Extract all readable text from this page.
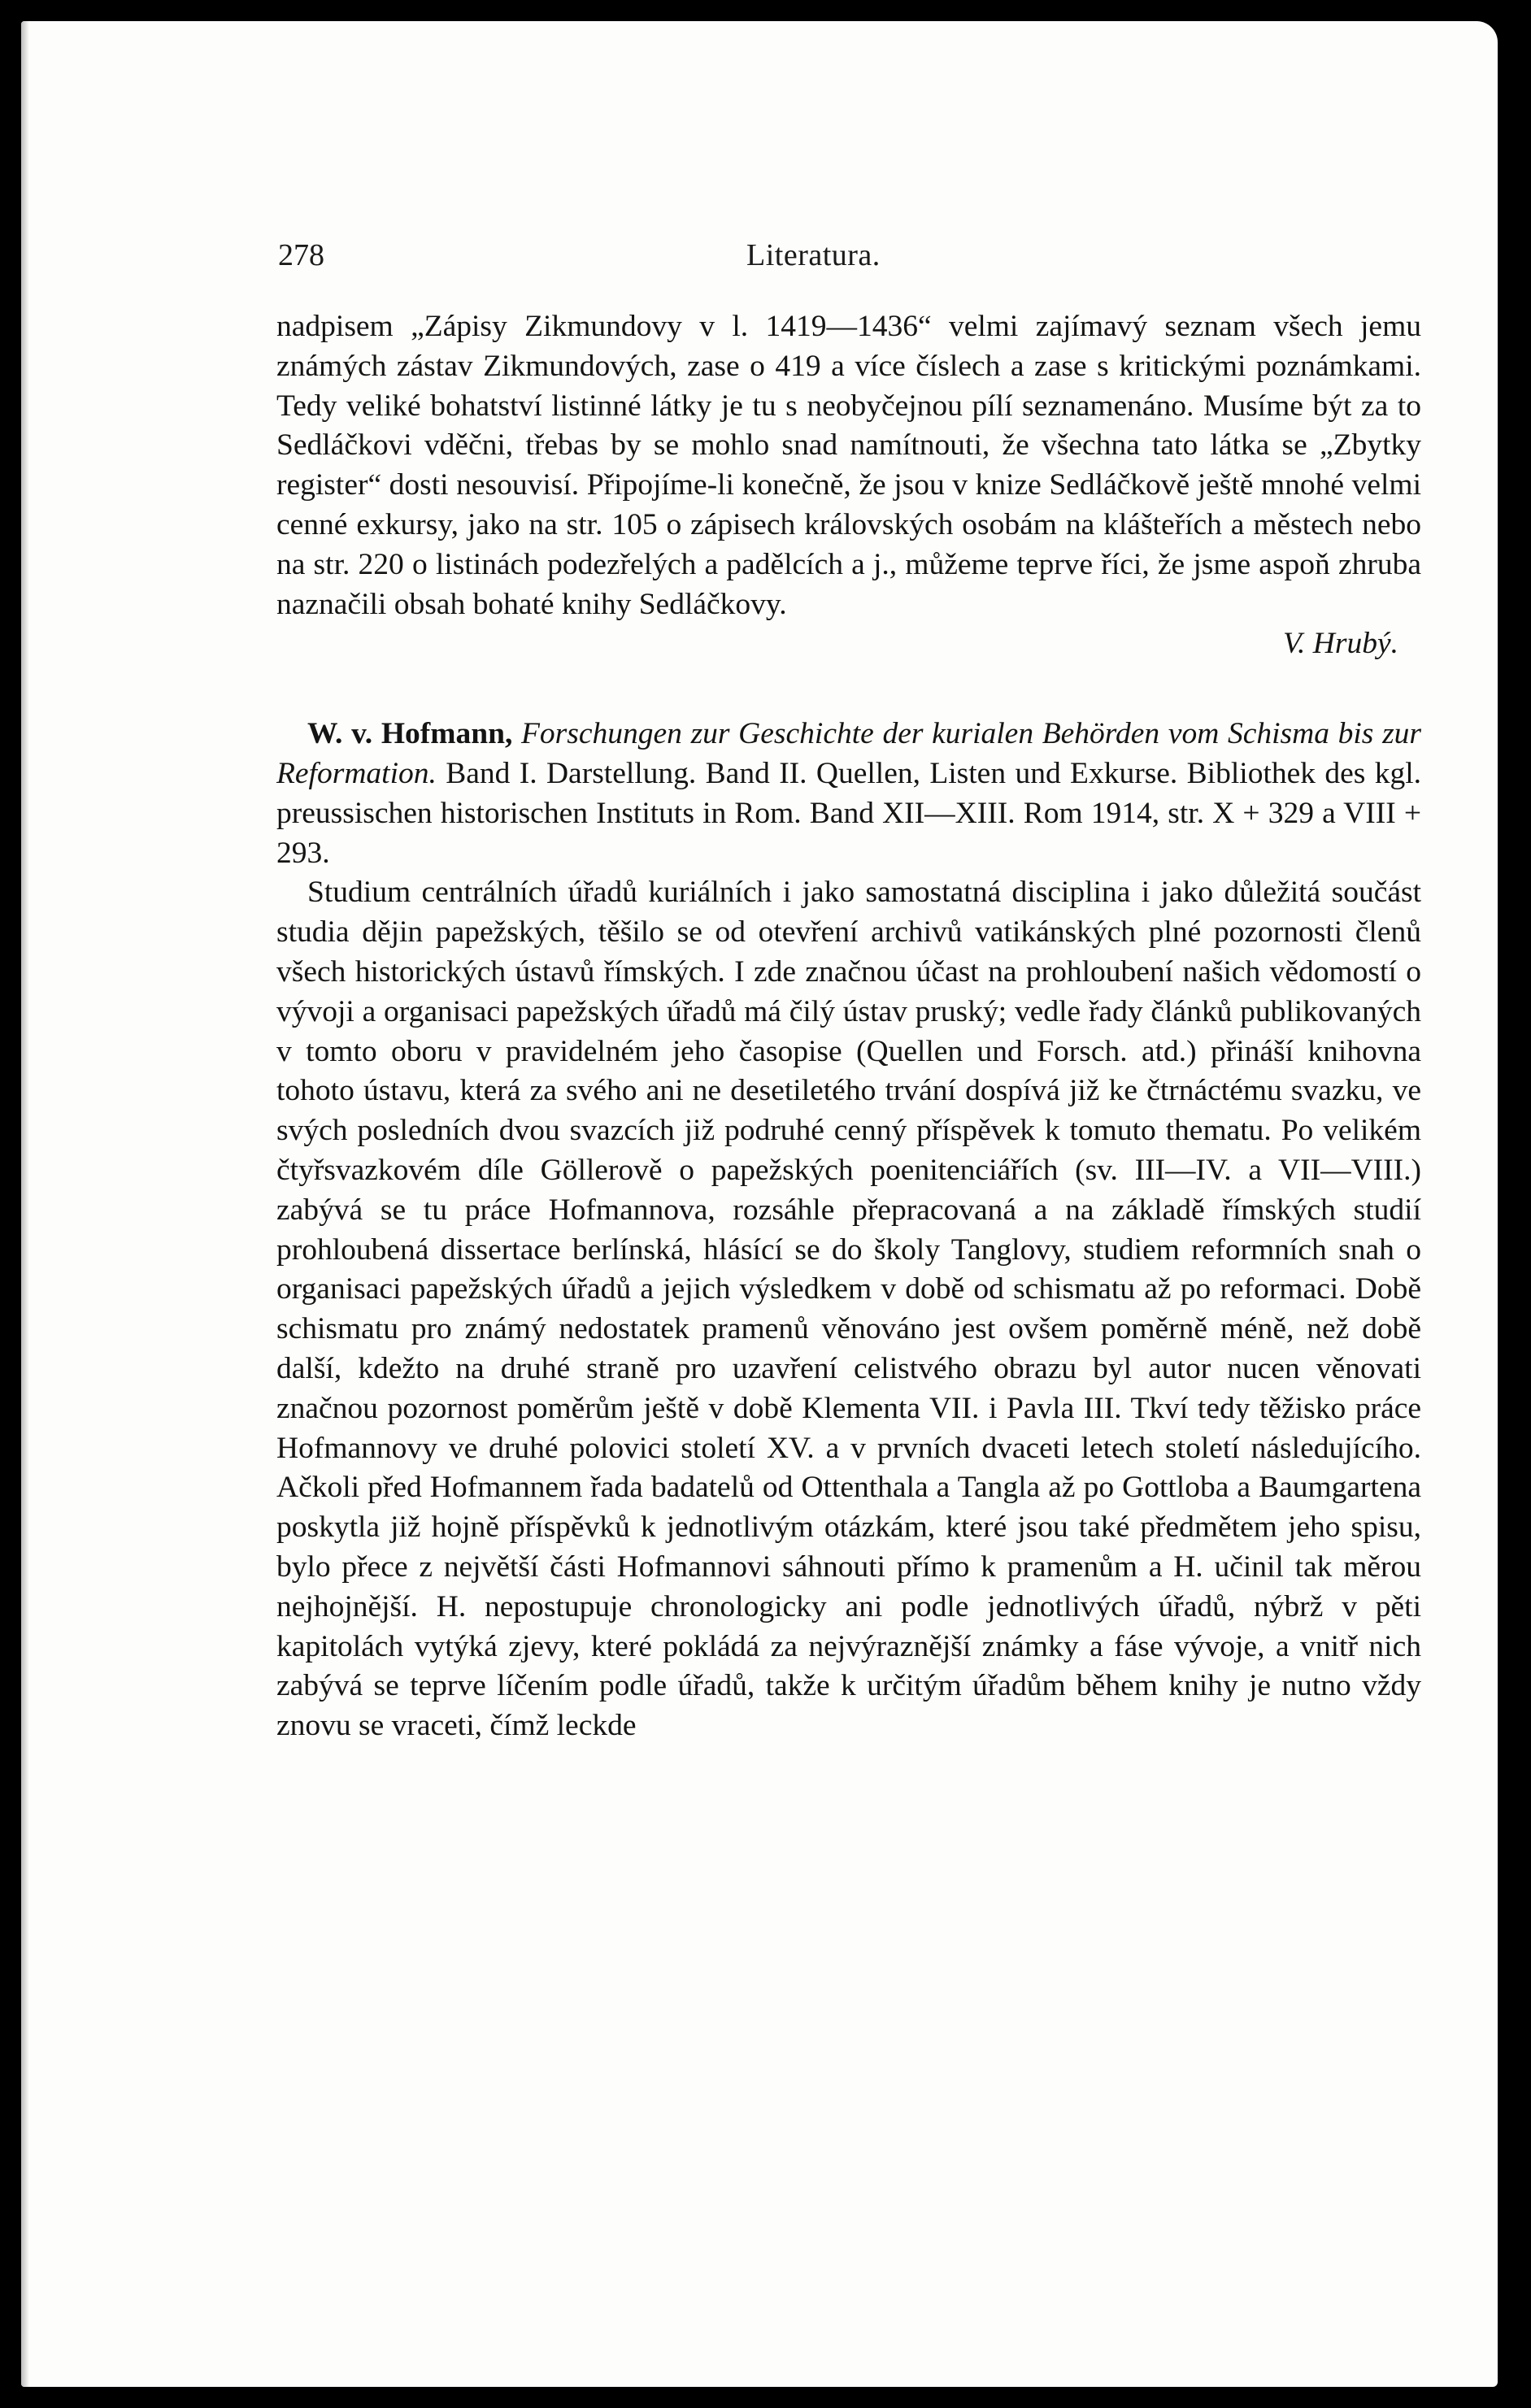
278	Literatura.

nadpisem „Zápisy Zikmundovy v l. 1419—1436“ velmi zajímavý seznam všech jemu známých zástav Zikmundových, zase o 419 a více číslech a zase s kritickými poznámkami. Tedy veliké bohatství listinné látky je tu s neobyčejnou pílí seznamenáno. Musíme být za to Sedláčkovi vděčni, třebas by se mohlo snad namítnouti, že všechna tato látka se „Zbytky register“ dosti nesouvisí. Připojíme-li konečně, že jsou v knize Sedláčkově ještě mnohé velmi cenné exkursy, jako na str. 105 o zápisech královských osobám na klášteřích a městech nebo na str. 220 o listinách podezřelých a padělcích a j., můžeme teprve říci, že jsme aspoň zhruba naznačili obsah bohaté knihy Sedláčkovy.

V. Hrubý.

W. v. Hofmann, Forschungen zur Geschichte der kurialen Behörden vom Schisma bis zur Reformation. Band I. Darstellung. Band II. Quellen, Listen und Exkurse. Bibliothek des kgl. preussischen historischen Instituts in Rom. Band XII—XIII. Rom 1914, str. X + 329 a VIII + 293.

Studium centrálních úřadů kuriálních i jako samostatná disciplina i jako důležitá součást studia dějin papežských, těšilo se od otevření archivů vatikánských plné pozornosti členů všech historických ústavů římských. I zde značnou účast na prohloubení našich vědomostí o vývoji a organisaci papežských úřadů má čilý ústav pruský; vedle řady článků publikovaných v tomto oboru v pravidelném jeho časopise (Quellen und Forsch. atd.) přináší knihovna tohoto ústavu, která za svého ani ne desetiletého trvání dospívá již ke čtrnáctému svazku, ve svých posledních dvou svazcích již podruhé cenný příspěvek k tomuto thematu. Po velikém čtyřsvazkovém díle Göllerově o papežských poenitenciářích (sv. III—IV. a VII—VIII.) zabývá se tu práce Hofmannova, rozsáhle přepracovaná a na základě římských studií prohloubená dissertace berlínská, hlásící se do školy Tanglovy, studiem reformních snah o organisaci papežských úřadů a jejich výsledkem v době od schismatu až po reformaci. Době schismatu pro známý nedostatek pramenů věnováno jest ovšem poměrně méně, než době další, kdežto na druhé straně pro uzavření celistvého obrazu byl autor nucen věnovati značnou pozornost poměrům ještě v době Klementa VII. i Pavla III. Tkví tedy těžisko práce Hofmannovy ve druhé polovici století XV. a v prvních dvaceti letech století následujícího. Ačkoli před Hofmannem řada badatelů od Ottenthala a Tangla až po Gottloba a Baumgartena poskytla již hojně příspěvků k jednotlivým otázkám, které jsou také předmětem jeho spisu, bylo přece z největší části Hofmannovi sáhnouti přímo k pramenům a H. učinil tak měrou nejhojnější. H. nepostupuje chronologicky ani podle jednotlivých úřadů, nýbrž v pěti kapitolách vytýká zjevy, které pokládá za nejvýraznější známky a fáse vývoje, a vnitř nich zabývá se teprve líčením podle úřadů, takže k určitým úřadům během knihy je nutno vždy znovu se vraceti, čímž leckde
